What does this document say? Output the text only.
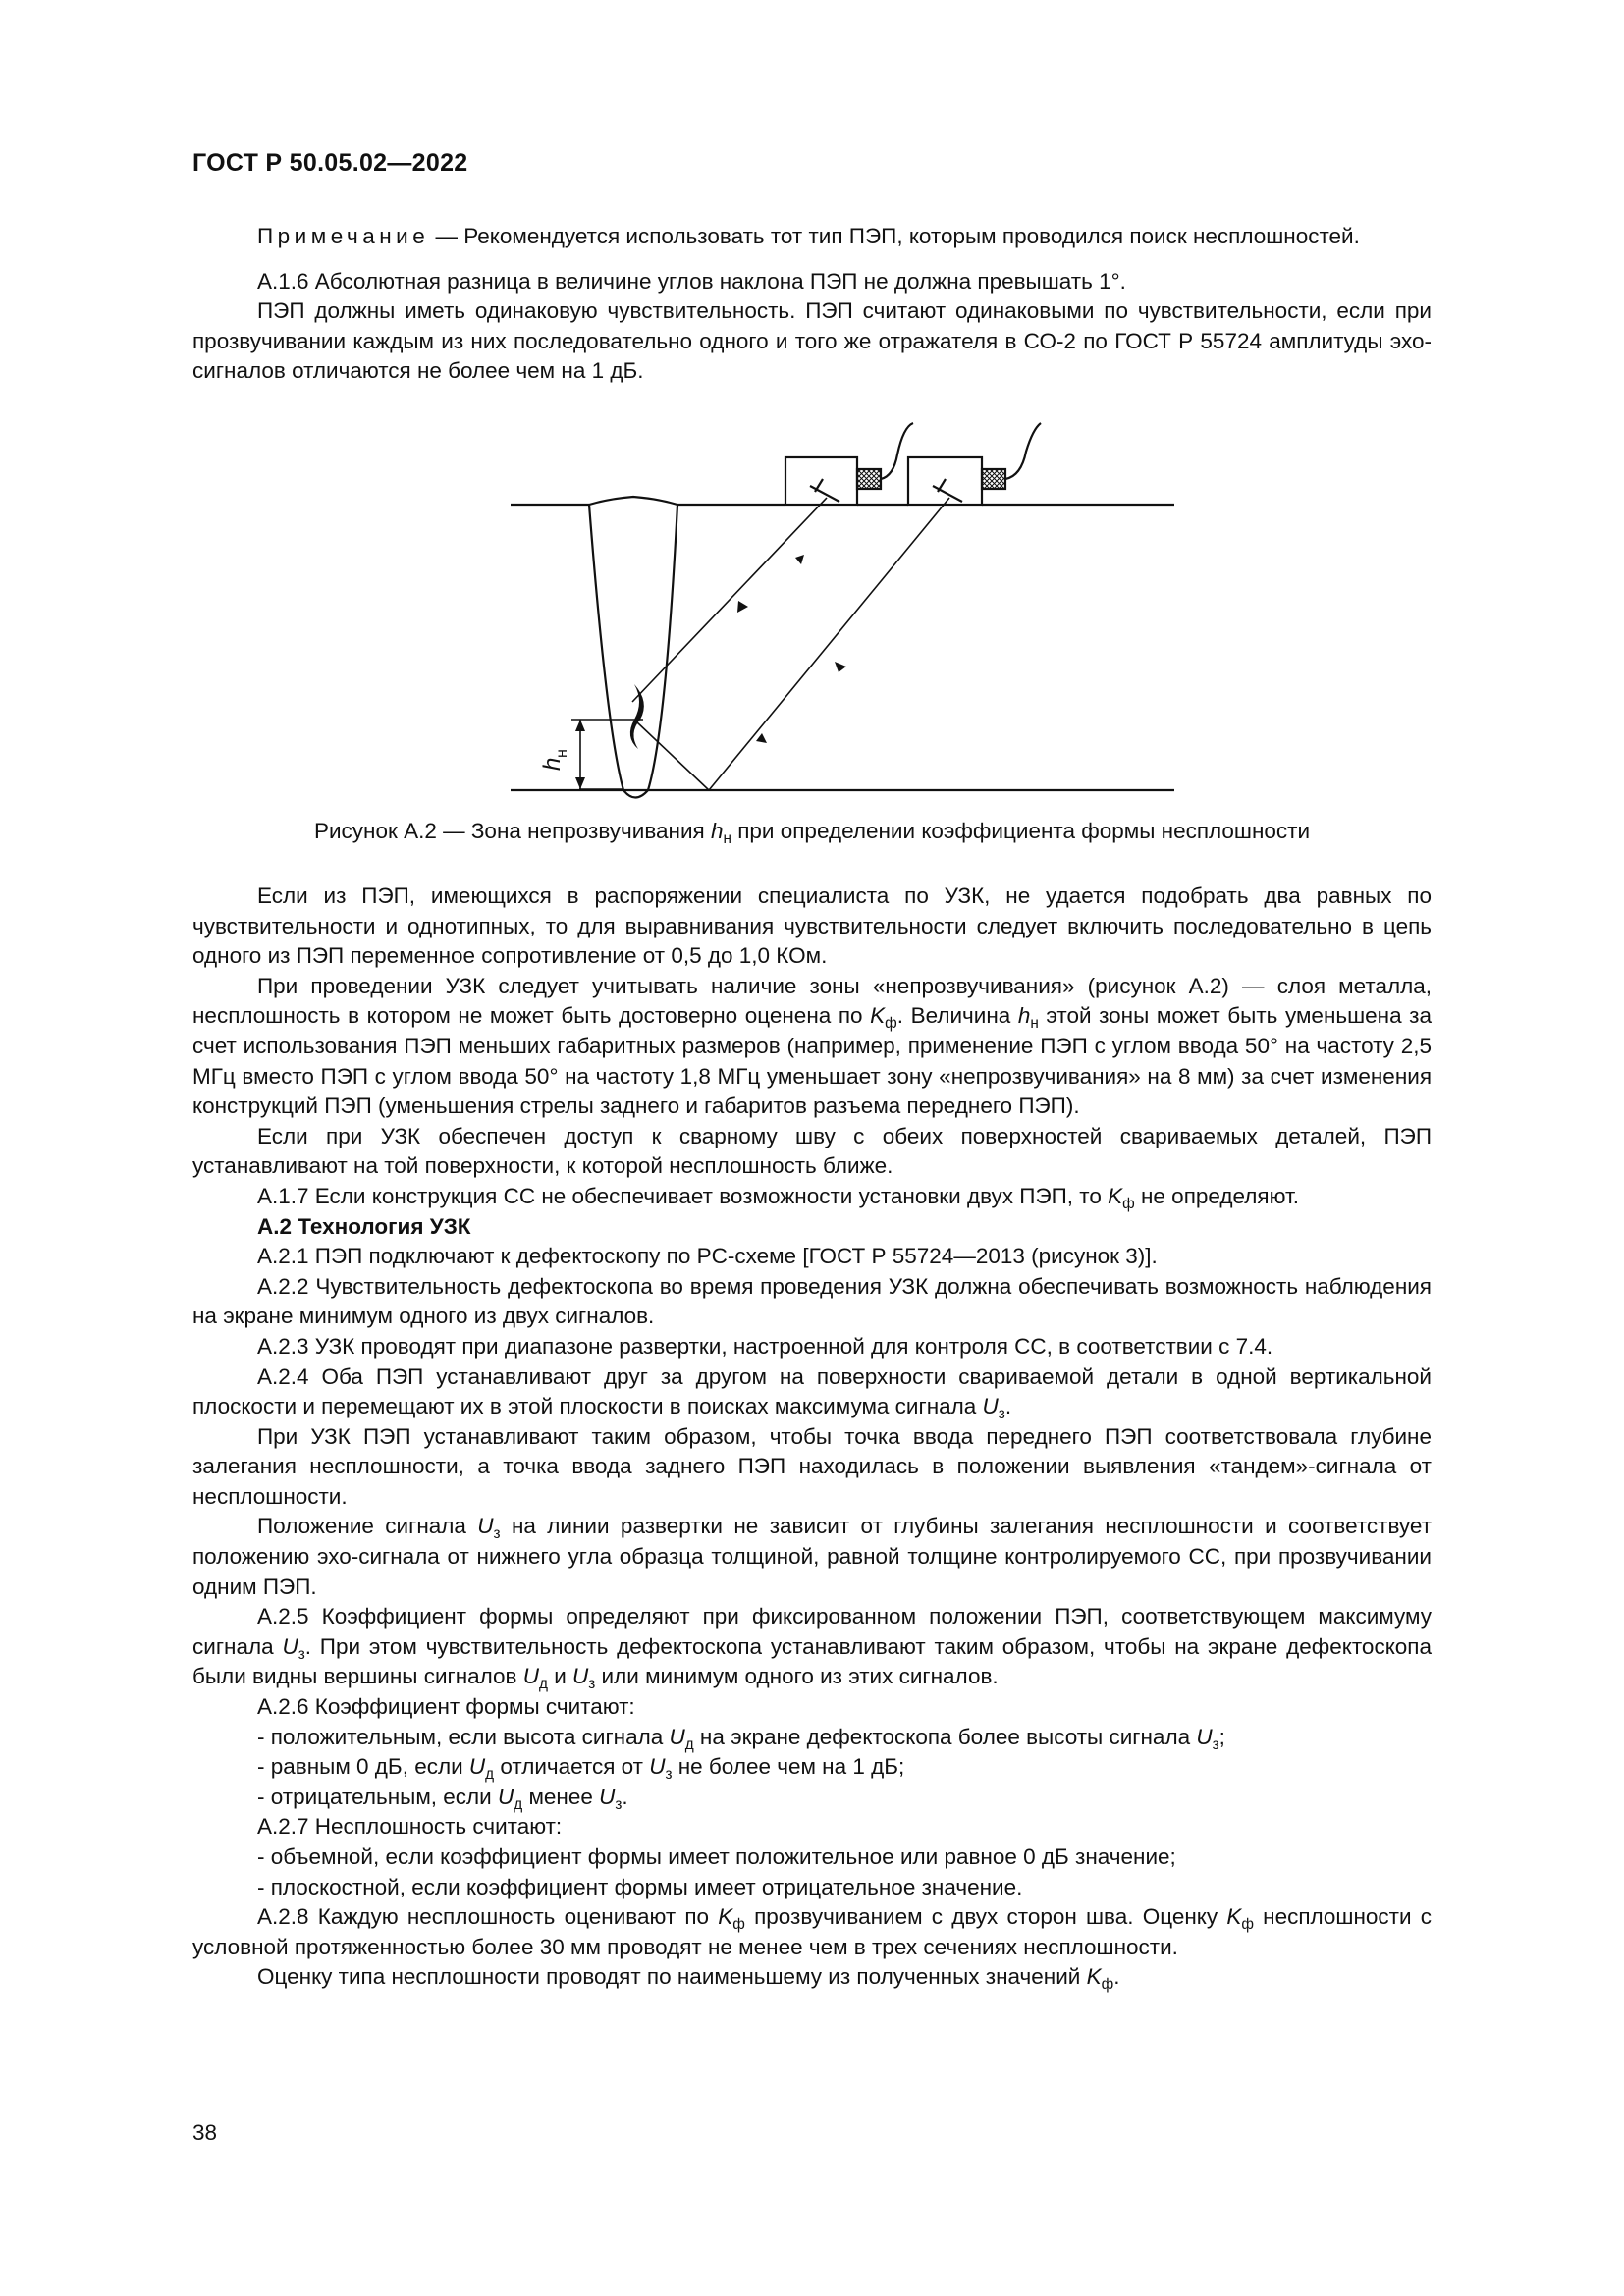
ГОСТ Р 50.05.02—2022

Примечание — Рекомендуется использовать тот тип ПЭП, которым проводился поиск несплошностей.

А.1.6 Абсолютная разница в величине углов наклона ПЭП не должна превышать 1°.

ПЭП должны иметь одинаковую чувствительность. ПЭП считают одинаковыми по чувствительности, если при прозвучивании каждым из них последовательно одного и того же отражателя в СО-2 по ГОСТ Р 55724 амплитуды эхо-сигналов отличаются не более чем на 1 дБ.

h
н
Рисунок А.2 — Зона непрозвучивания $h_н$ при определении коэффициента формы несплошности

Если из ПЭП, имеющихся в распоряжении специалиста по УЗК, не удается подобрать два равных по чувствительности и однотипных, то для выравнивания чувствительности следует включить последовательно в цепь одного из ПЭП переменное сопротивление от 0,5 до 1,0 КОм.

При проведении УЗК следует учитывать наличие зоны «непрозвучивания» (рисунок А.2) — слоя металла, несплошность в котором не может быть достоверно оценена по $K_ф$. Величина $h_н$ этой зоны может быть уменьшена за счет использования ПЭП меньших габаритных размеров (например, применение ПЭП с углом ввода 50° на частоту 2,5 МГц вместо ПЭП с углом ввода 50° на частоту 1,8 МГц уменьшает зону «непрозвучивания» на 8 мм) за счет изменения конструкций ПЭП (уменьшения стрелы заднего и габаритов разъема переднего ПЭП).

Если при УЗК обеспечен доступ к сварному шву с обеих поверхностей свариваемых деталей, ПЭП устанавливают на той поверхности, к которой несплошность ближе.

А.1.7 Если конструкция СС не обеспечивает возможности установки двух ПЭП, то $K_ф$ не определяют.

А.2 Технология УЗК

А.2.1 ПЭП подключают к дефектоскопу по PC-схеме [ГОСТ Р 55724—2013 (рисунок 3)].

А.2.2 Чувствительность дефектоскопа во время проведения УЗК должна обеспечивать возможность наблюдения на экране минимум одного из двух сигналов.

А.2.3 УЗК проводят при диапазоне развертки, настроенной для контроля СС, в соответствии с 7.4.

А.2.4 Оба ПЭП устанавливают друг за другом на поверхности свариваемой детали в одной вертикальной плоскости и перемещают их в этой плоскости в поисках максимума сигнала $U_з$.

При УЗК ПЭП устанавливают таким образом, чтобы точка ввода переднего ПЭП соответствовала глубине залегания несплошности, а точка ввода заднего ПЭП находилась в положении выявления «тандем»-сигнала от несплошности.

Положение сигнала $U_з$ на линии развертки не зависит от глубины залегания несплошности и соответствует положению эхо-сигнала от нижнего угла образца толщиной, равной толщине контролируемого СС, при прозвучивании одним ПЭП.

А.2.5 Коэффициент формы определяют при фиксированном положении ПЭП, соответствующем максимуму сигнала $U_з$. При этом чувствительность дефектоскопа устанавливают таким образом, чтобы на экране дефектоскопа были видны вершины сигналов $U_д$ и $U_з$ или минимум одного из этих сигналов.

А.2.6 Коэффициент формы считают:

- положительным, если высота сигнала $U_д$ на экране дефектоскопа более высоты сигнала $U_з$;

- равным 0 дБ, если $U_д$ отличается от $U_з$ не более чем на 1 дБ;

- отрицательным, если $U_д$ менее $U_з$.

А.2.7 Несплошность считают:

- объемной, если коэффициент формы имеет положительное или равное 0 дБ значение;

- плоскостной, если коэффициент формы имеет отрицательное значение.

А.2.8 Каждую несплошность оценивают по $K_ф$ прозвучиванием с двух сторон шва. Оценку $K_ф$ несплошности с условной протяженностью более 30 мм проводят не менее чем в трех сечениях несплошности.

Оценку типа несплошности проводят по наименьшему из полученных значений $K_ф$.

38
